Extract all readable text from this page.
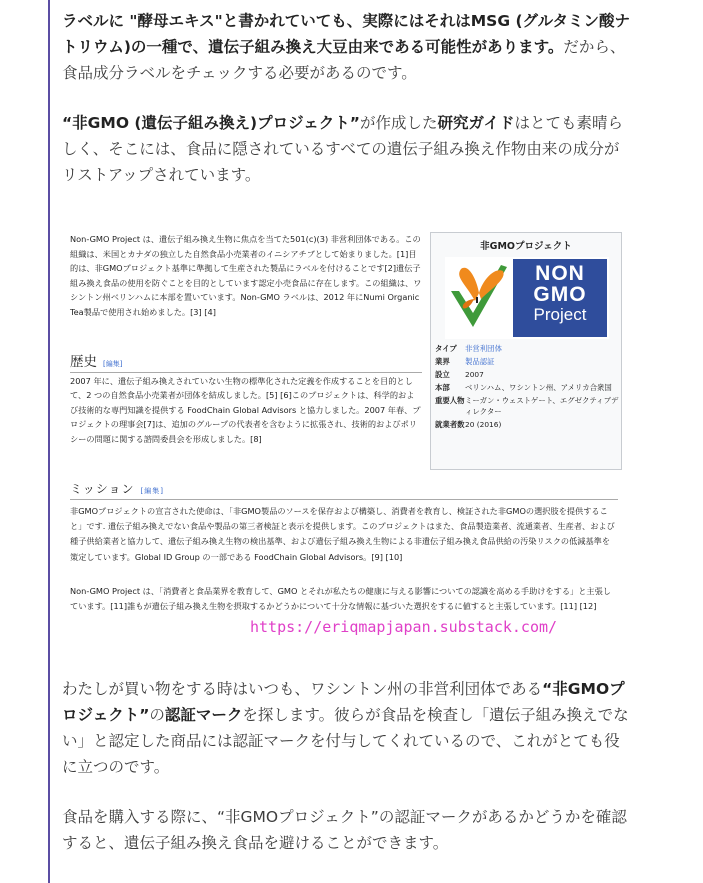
ラベルに "酵母エキス"と書かれていても、実際にはそれはMSG (グルタミン酸ナトリウム)の一種で、遺伝子組み換え大豆由来である可能性があります。だから、食品成分ラベルをチェックする必要があるのです。

“非GMO (遺伝子組み換え)プロジェクト”が作成した研究ガイドはとても素晴らしく、そこには、食品に隠されているすべての遺伝子組み換え作物由来の成分がリストアップされています。

わたしが買い物をする時はいつも、ワシントン州の非営利団体である“非GMOプロジェクト”の認証マークを探します。彼らが食品を検査し「遺伝子組み換えでない」と認定した商品には認証マークを付与してくれているので、これがとても役に立つのです。

食品を購入する際に、“非GMOプロジェクト”の認証マークがあるかどうかを確認すると、遺伝子組み換え食品を避けることができます。

Non-GMO Project は、遺伝子組み換え生物に焦点を当てた501(c)(3) 非営利団体である。この組織は、米国とカナダの独立した自然食品小売業者のイニシアチブとして始まりました。[1]目的は、非GMOプロジェクト基準に準拠して生産された製品にラベルを付けることです[2]遺伝子組み換え食品の使用を防ぐことを目的としています認定小売食品に存在します。この組織は、ワシントン州ベリンハムに本部を置いています。Non-GMO ラベルは、2012 年にNumi Organic Tea製品で使用され始めました。[3] [4]
歴史 [編集]
2007 年に、遺伝子組み換えされていない生物の標準化された定義を作成することを目的として、2 つの自然食品小売業者が団体を結成しました。[5] [6]このプロジェクトは、科学的および技術的な専門知識を提供する FoodChain Global Advisors と協力しました。2007 年春、プロジェクトの理事会[7]は、追加のグループの代表者を含むように拡張され、技術的およびポリシーの問題に関する諮問委員会を形成しました。[8]
ミッション [編集]
非GMOプロジェクトの宣言された使命は、「非GMO製品のソースを保存および構築し、消費者を教育し、検証された非GMOの選択肢を提供すること」です. 遺伝子組み換えでない食品や製品の第三者検証と表示を提供します。このプロジェクトはまた、食品製造業者、流通業者、生産者、および種子供給業者と協力して、遺伝子組み換え生物の検出基準、および遺伝子組み換え生物による非遺伝子組み換え食品供給の汚染リスクの低減基準を策定しています。Global ID Group の一部である FoodChain Global Advisors。[9] [10]
Non-GMO Project は、「消費者と食品業界を教育して、GMO とそれが私たちの健康に与える影響についての認識を高める手助けをする」と主張しています。[11]誰もが遺伝子組み換え生物を摂取するかどうかについて十分な情報に基づいた選択をするに値すると主張しています。[11] [12]
非GMOプロジェクト
NON
GMO
Project
タイプ	非営利団体
業界	製品認証
設立	2007
本部	ベリンハム、ワシントン州、アメリカ合衆国
重要人物 ミーガン・ウェストゲート、エグゼクティブディレクター
就業者数 20 (2016)
https://eriqmapjapan.substack.com/
